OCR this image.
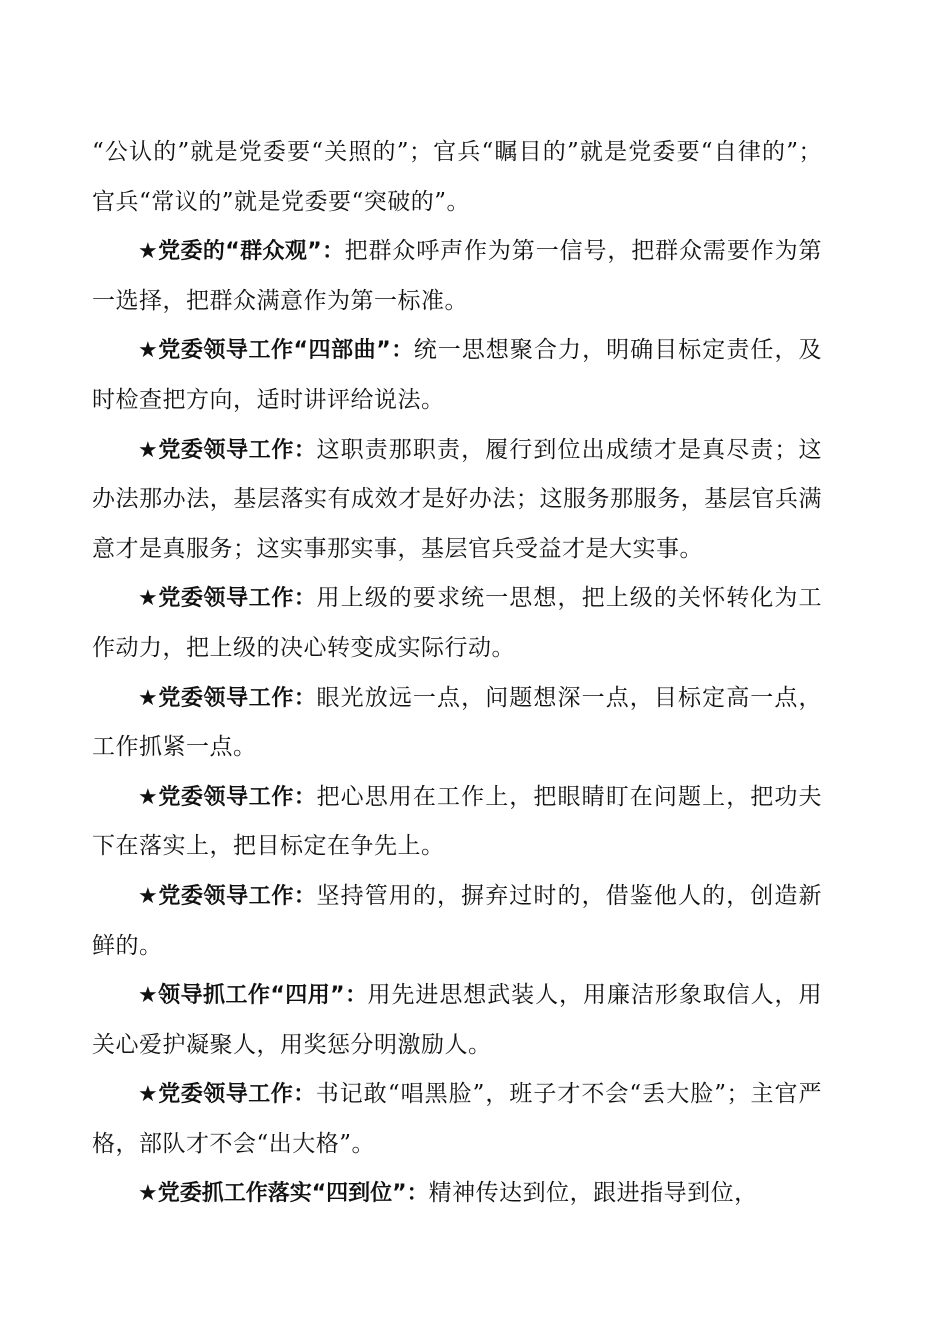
“公认的”就是党委要“关照的”；官兵“瞩目的”就是党委要“自律的”；官兵“常议的”就是党委要“突破的”。

★党委的“群众观”：把群众呼声作为第一信号，把群众需要作为第一选择，把群众满意作为第一标准。

★党委领导工作“四部曲”：统一思想聚合力，明确目标定责任，及时检查把方向，适时讲评给说法。

★党委领导工作：这职责那职责，履行到位出成绩才是真尽责；这办法那办法，基层落实有成效才是好办法；这服务那服务，基层官兵满意才是真服务；这实事那实事，基层官兵受益才是大实事。

★党委领导工作：用上级的要求统一思想，把上级的关怀转化为工作动力，把上级的决心转变成实际行动。

★党委领导工作：眼光放远一点，问题想深一点，目标定高一点，工作抓紧一点。

★党委领导工作：把心思用在工作上，把眼睛盯在问题上，把功夫下在落实上，把目标定在争先上。

★党委领导工作：坚持管用的，摒弃过时的，借鉴他人的，创造新鲜的。

★领导抓工作“四用”：用先进思想武装人，用廉洁形象取信人，用关心爱护凝聚人，用奖惩分明激励人。

★党委领导工作：书记敢“唱黑脸”，班子才不会“丢大脸”；主官严格，部队才不会“出大格”。

★党委抓工作落实“四到位”：精神传达到位，跟进指导到位，
